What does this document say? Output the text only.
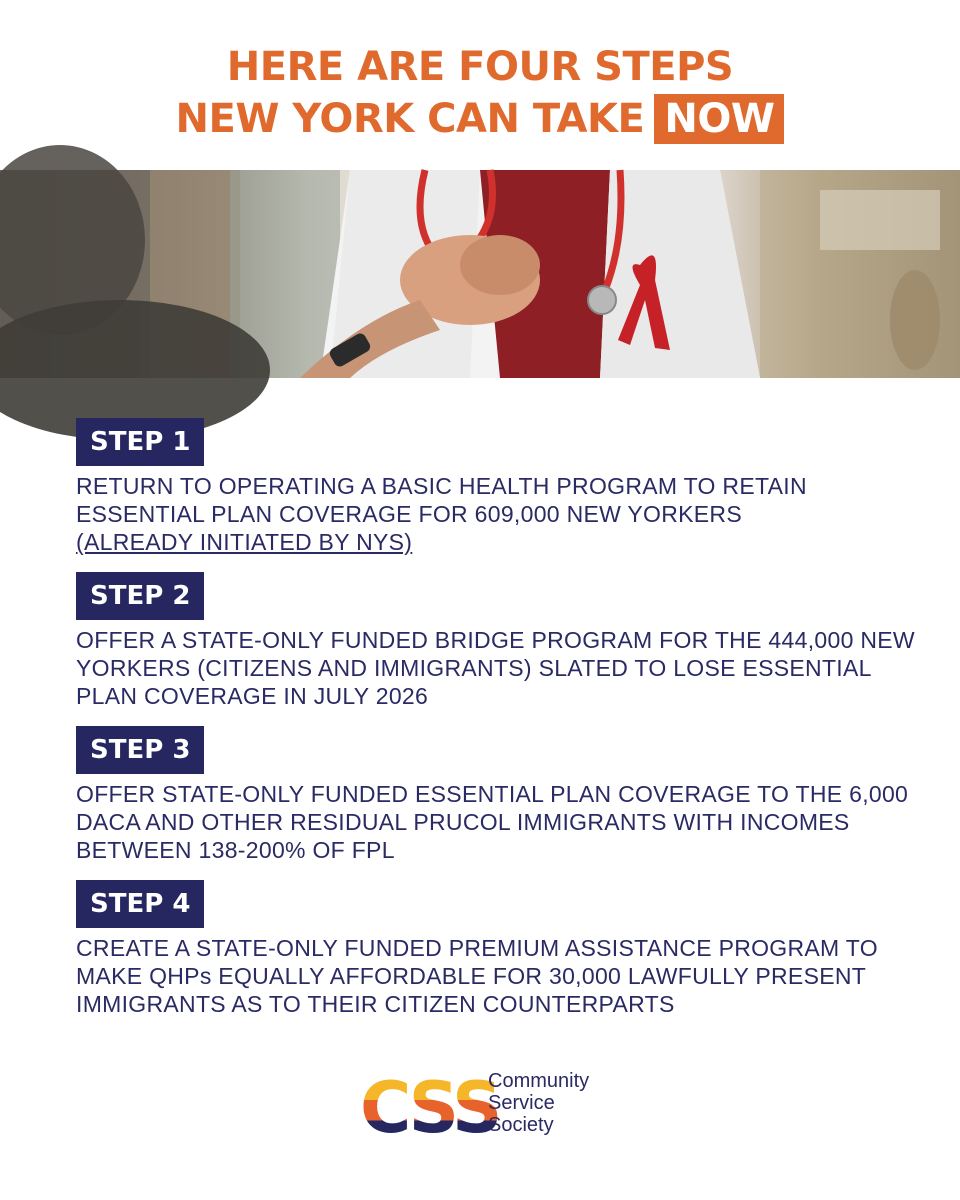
HERE ARE FOUR STEPS
NEW YORK CAN TAKE NOW
STEP 1
RETURN TO OPERATING A BASIC HEALTH PROGRAM TO RETAIN ESSENTIAL PLAN COVERAGE FOR 609,000 NEW YORKERS
(ALREADY INITIATED BY NYS)
STEP 2
OFFER A STATE-ONLY FUNDED BRIDGE PROGRAM FOR THE 444,000 NEW YORKERS (CITIZENS AND IMMIGRANTS) SLATED TO LOSE ESSENTIAL PLAN COVERAGE IN JULY 2026
STEP 3
OFFER STATE-ONLY FUNDED ESSENTIAL PLAN COVERAGE TO THE 6,000 DACA AND OTHER RESIDUAL PRUCOL IMMIGRANTS WITH INCOMES BETWEEN 138-200% OF FPL
STEP 4
CREATE A STATE-ONLY FUNDED PREMIUM ASSISTANCE PROGRAM TO MAKE QHPs EQUALLY AFFORDABLE FOR 30,000 LAWFULLY PRESENT IMMIGRANTS AS TO THEIR CITIZEN COUNTERPARTS
CSS
Community
Service
Society
